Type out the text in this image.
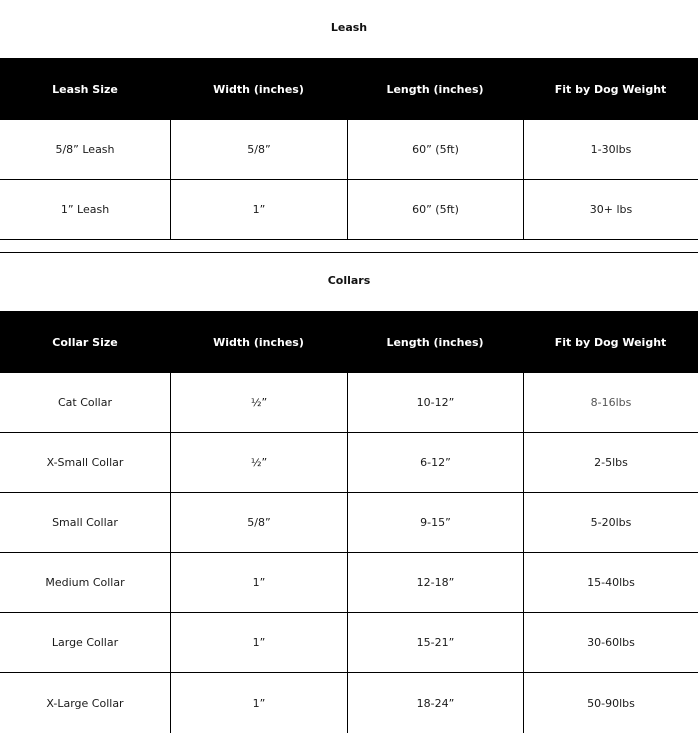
Leash
Leash Size	Width (inches)	Length (inches)	Fit by Dog Weight
5/8” Leash	5/8”	60” (5ft)	1-30lbs
1” Leash	1”	60” (5ft)	30+ lbs
Collars
Collar Size	Width (inches)	Length (inches)	Fit by Dog Weight
Cat Collar	½”	10-12”	8-16lbs
X-Small Collar	½”	6-12”	2-5lbs
Small Collar	5/8”	9-15”	5-20lbs
Medium Collar	1”	12-18”	15-40lbs
Large Collar	1”	15-21”	30-60lbs
X-Large Collar	1”	18-24”	50-90lbs
